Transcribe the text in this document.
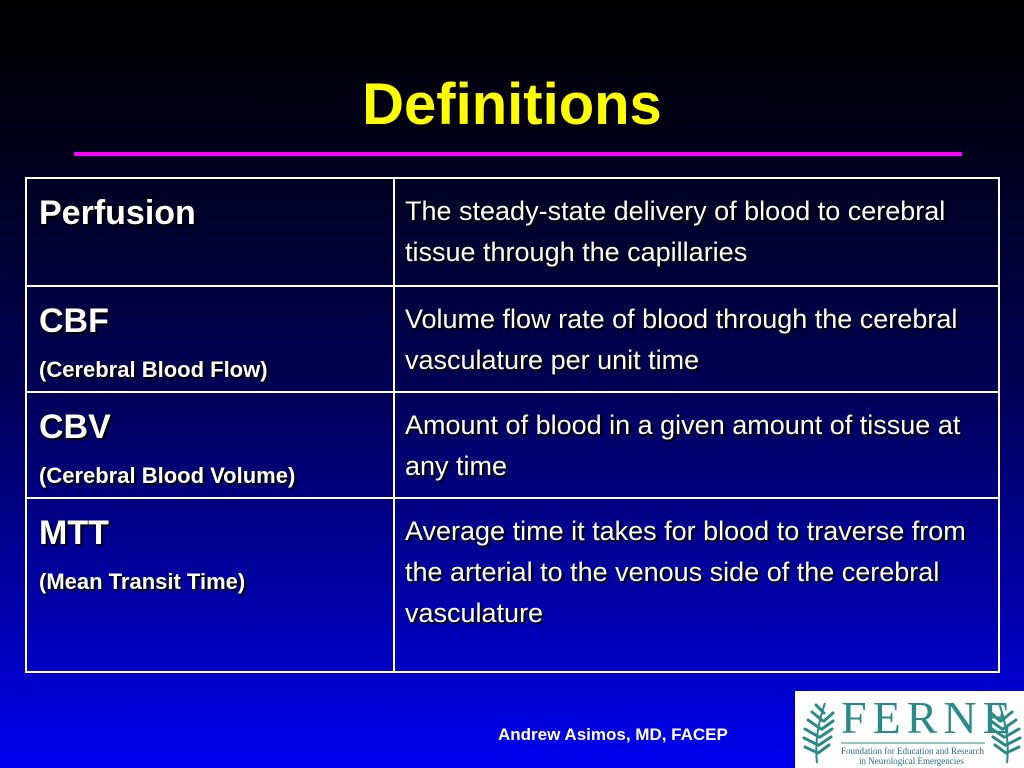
Definitions
Perfusion	The steady-state delivery of blood to cerebral tissue through the capillaries

CBF
(Cerebral Blood Flow)	Volume flow rate of blood through the cerebral vasculature per unit time

CBV
(Cerebral Blood Volume)	Amount of blood in a given amount of tissue at any time

MTT
(Mean Transit Time)	Average time it takes for blood to traverse from the arterial to the venous side of the cerebral vasculature
Andrew Asimos, MD, FACEP FERNE
Foundation for Education and Research
in Neurological Emergencies
